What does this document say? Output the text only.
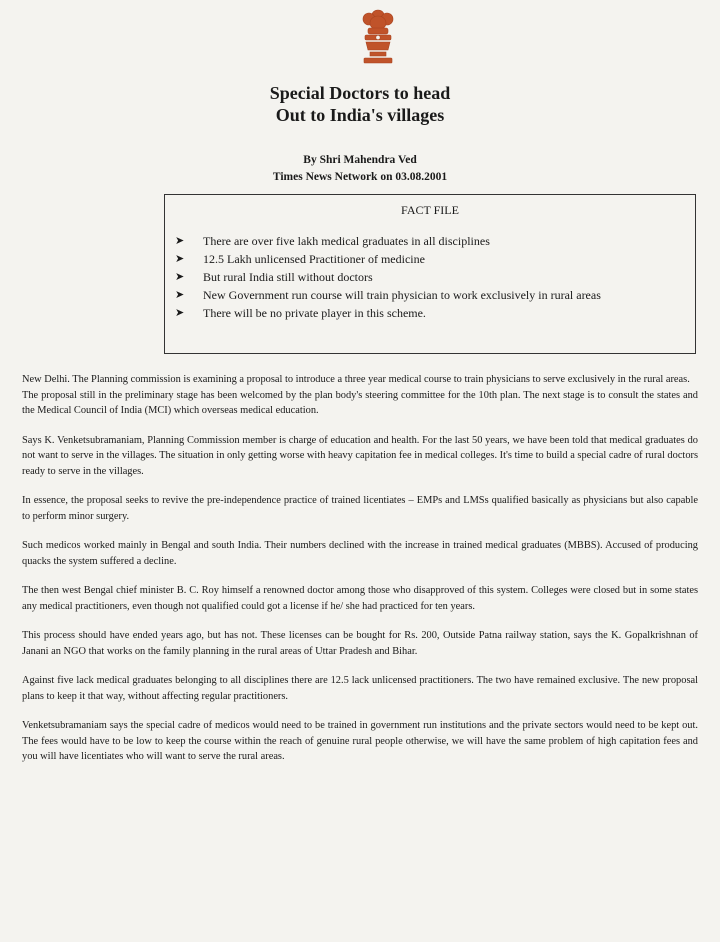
Special Doctors to head
Out to India's villages
By Shri Mahendra Ved
Times News Network on 03.08.2001
FACT FILE
➤ There are over five lakh medical graduates in all disciplines
➤ 12.5 Lakh unlicensed Practitioner of medicine
➤ But rural India still without doctors
➤ New Government run course will train physician to work exclusively in rural areas
➤ There will be no private player in this scheme.

New Delhi. The Planning commission is examining a proposal to introduce a three year medical course to train physicians to serve exclusively in the rural areas.

The proposal still in the preliminary stage has been welcomed by the plan body's steering committee for the 10th plan. The next stage is to consult the states and the Medical Council of India (MCI) which overseas medical education.

Says K. Venketsubramaniam, Planning Commission member is charge of education and health. For the last 50 years, we have been told that medical graduates do not want to serve in the villages. The situation in only getting worse with heavy capitation fee in medical colleges. It's time to build a special cadre of rural doctors ready to serve in the villages.

In essence, the proposal seeks to revive the pre-independence practice of trained licentiates – EMPs and LMSs qualified basically as physicians but also capable to perform minor surgery.

Such medicos worked mainly in Bengal and south India. Their numbers declined with the increase in trained medical graduates (MBBS). Accused of producing quacks the system suffered a decline.

The then west Bengal chief minister B. C. Roy himself a renowned doctor among those who disapproved of this system. Colleges were closed but in some states any medical practitioners, even though not qualified could got a license if he/ she had practiced for ten years.

This process should have ended years ago, but has not. These licenses can be bought for Rs. 200, Outside Patna railway station, says the K. Gopalkrishnan of Janani an NGO that works on the family planning in the rural areas of Uttar Pradesh and Bihar.

Against five lack medical graduates belonging to all disciplines there are 12.5 lack unlicensed practitioners. The two have remained exclusive. The new proposal plans to keep it that way, without affecting regular practitioners.

Venketsubramaniam says the special cadre of medicos would need to be trained in government run institutions and the private sectors would need to be kept out. The fees would have to be low to keep the course within the reach of genuine rural people otherwise, we will have the same problem of high capitation fees and you will have licentiates who will want to serve the rural areas.
